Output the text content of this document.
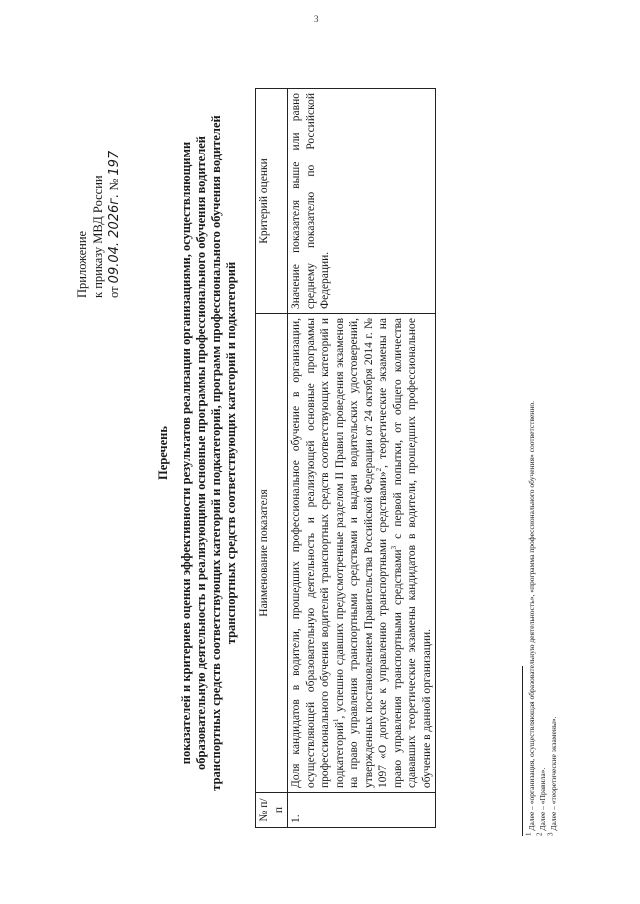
3
Приложение к приказу МВД России от 09.04. 2026г. № 197
Перечень показателей и критериев оценки эффективности результатов реализации организациями, осуществляющими образовательную деятельность и реализующими основные программы профессионального обучения водителей транспортных средств соответствующих категорий и подкатегорий, программ профессионального обучения водителей транспортных средств соответствующих категорий и подкатегорий
№ п/п	Наименование показателя	Критерий оценки
1.	Доля кандидатов в водители, прошедших профессиональное обучение в организации, осуществляющей образовательную деятельность и реализующей основные программы профессионального обучения водителей транспортных средств соответствующих категорий и подкатегорий$^1$, успешно сдавших предусмотренные разделом II Правил проведения экзаменов на право управления транспортными средствами и выдачи водительских удостоверений, утвержденных постановлением Правительства Российской Федерации от 24 октября 2014 г. № 1097 «О допуске к управлению транспортными средствами»$^2$, теоретические экзамены на право управления транспортными средствами$^3$ с первой попытки, от общего количества сдававших теоретические экзамены кандидатов в водители, прошедших профессиональное обучение в данной организации.	Значение показателя выше или равно среднему показателю по Российской Федерации.
$^1$ Далее – «организация, осуществляющая образовательную деятельность», «программа профессионального обучения» соответственно.
$^2$ Далее – «Правила».
$^3$ Далее – «теоретические экзамены».
